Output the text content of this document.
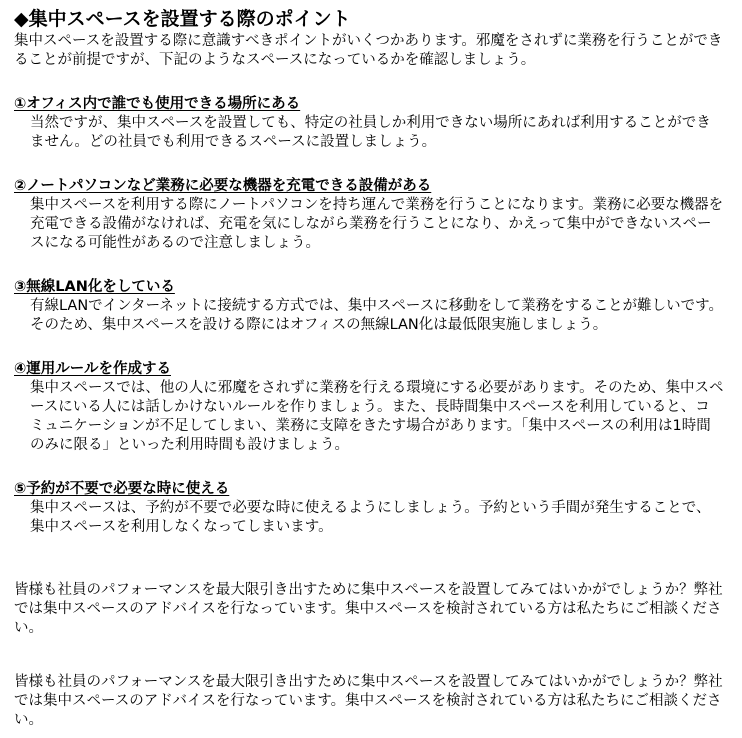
◆集中スペースを設置する際のポイント

集中スペースを設置する際に意識すべきポイントがいくつかあります。邪魔をされずに業務を行うことができることが前提ですが、下記のようなスペースになっているかを確認しましょう。

①オフィス内で誰でも使用できる場所にある

当然ですが、集中スペースを設置しても、特定の社員しか利用できない場所にあれば利用することができません。どの社員でも利用できるスペースに設置しましょう。

②ノートパソコンなど業務に必要な機器を充電できる設備がある

集中スペースを利用する際にノートパソコンを持ち運んで業務を行うことになります。業務に必要な機器を充電できる設備がなければ、充電を気にしながら業務を行うことになり、かえって集中ができないスペースになる可能性があるので注意しましょう。

③無線LAN化をしている

有線LANでインターネットに接続する方式では、集中スペースに移動をして業務をすることが難しいです。そのため、集中スペースを設ける際にはオフィスの無線LAN化は最低限実施しましょう。

④運用ルールを作成する

集中スペースでは、他の人に邪魔をされずに業務を行える環境にする必要があります。そのため、集中スペースにいる人には話しかけないルールを作りましょう。また、長時間集中スペースを利用していると、コミュニケーションが不足してしまい、業務に支障をきたす場合があります。「集中スペースの利用は1時間のみに限る」といった利用時間も設けましょう。

⑤予約が不要で必要な時に使える

集中スペースは、予約が不要で必要な時に使えるようにしましょう。予約という手間が発生することで、集中スペースを利用しなくなってしまいます。

皆様も社員のパフォーマンスを最大限引き出すために集中スペースを設置してみてはいかがでしょうか？弊社では集中スペースのアドバイスを行なっています。集中スペースを検討されている方は私たちにご相談ください。

皆様も社員のパフォーマンスを最大限引き出すために集中スペースを設置してみてはいかがでしょうか？弊社では集中スペースのアドバイスを行なっています。集中スペースを検討されている方は私たちにご相談ください。
